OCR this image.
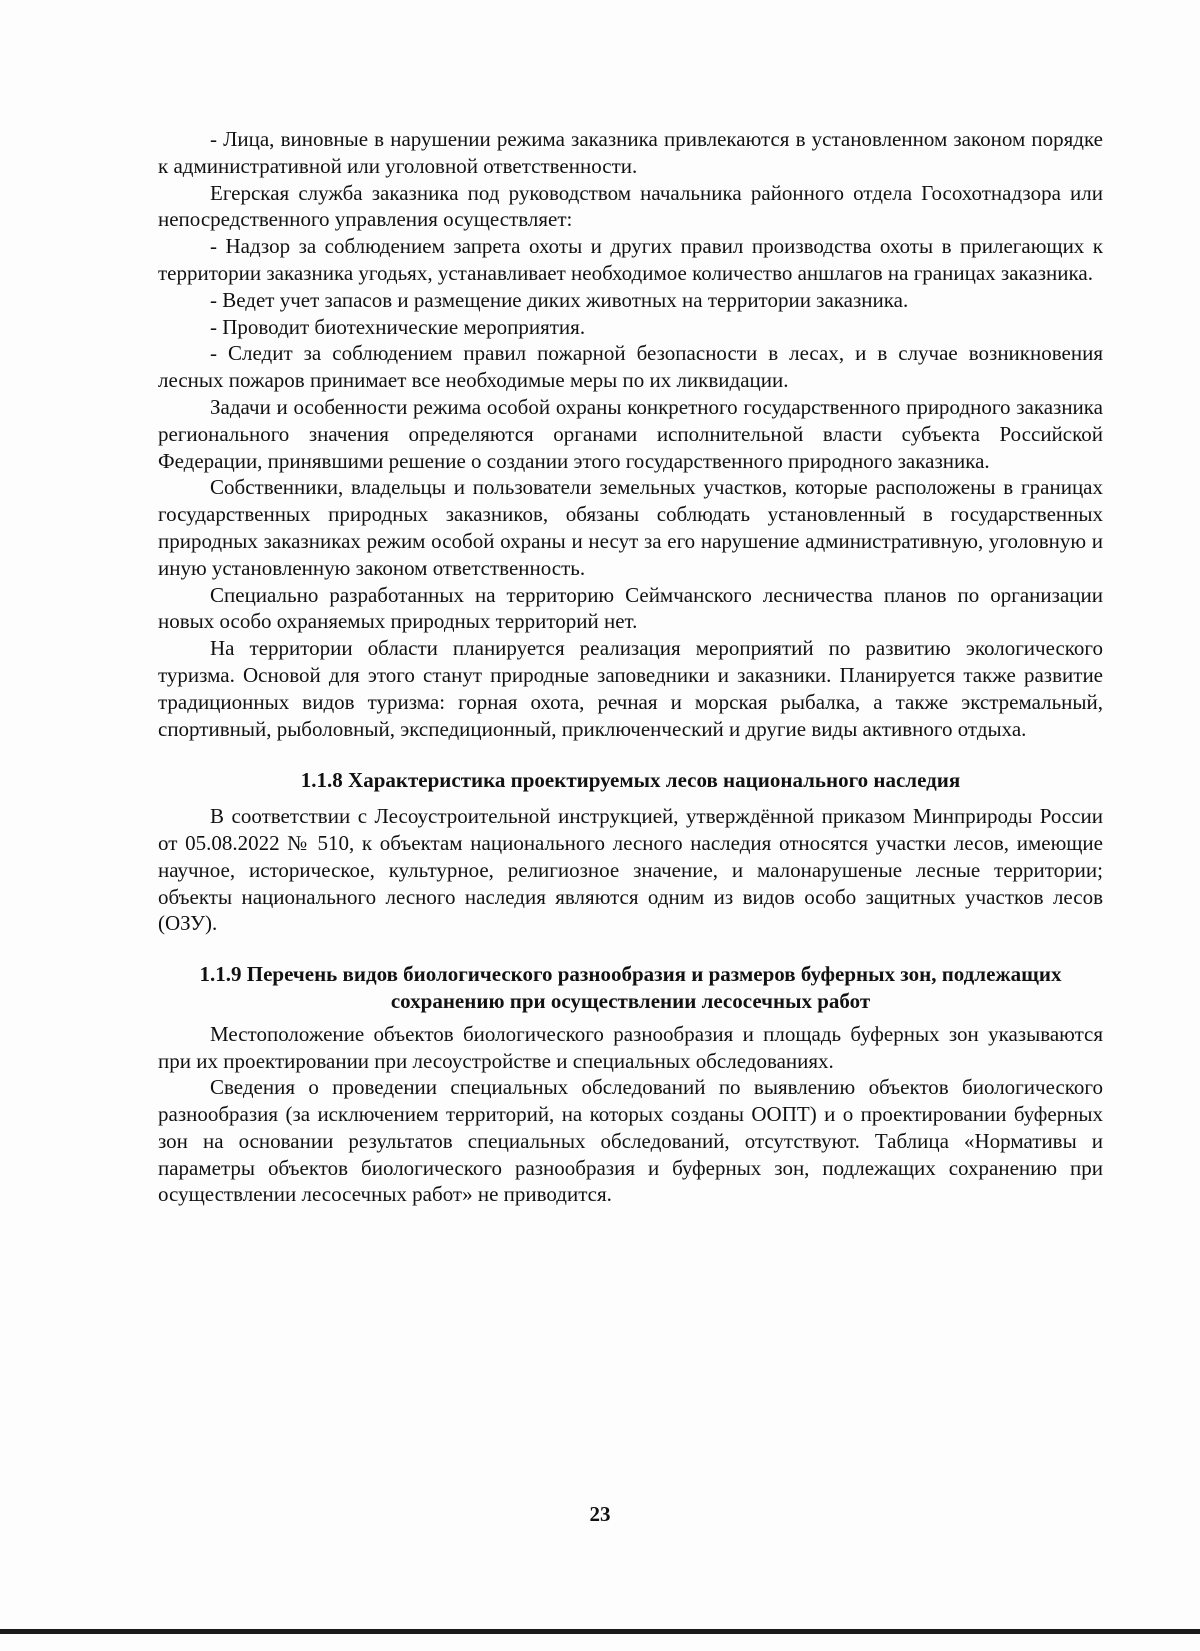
- Лица, виновные в нарушении режима заказника привлекаются в установленном законом порядке к административной или уголовной ответственности.

Егерская служба заказника под руководством начальника районного отдела Госохотнадзора или непосредственного управления осуществляет:

- Надзор за соблюдением запрета охоты и других правил производства охоты в прилегающих к территории заказника угодьях, устанавливает необходимое количество аншлагов на границах заказника.

- Ведет учет запасов и размещение диких животных на территории заказника.

- Проводит биотехнические мероприятия.

- Следит за соблюдением правил пожарной безопасности в лесах, и в случае возникновения лесных пожаров принимает все необходимые меры по их ликвидации.

Задачи и особенности режима особой охраны конкретного государственного природного заказника регионального значения определяются органами исполнительной власти субъекта Российской Федерации, принявшими решение о создании этого государственного природного заказника.

Собственники, владельцы и пользователи земельных участков, которые расположены в границах государственных природных заказников, обязаны соблюдать установленный в государственных природных заказниках режим особой охраны и несут за его нарушение административную, уголовную и иную установленную законом ответственность.

Специально разработанных на территорию Сеймчанского лесничества планов по организации новых особо охраняемых природных территорий нет.

На территории области планируется реализация мероприятий по развитию экологического туризма. Основой для этого станут природные заповедники и заказники. Планируется также развитие традиционных видов туризма: горная охота, речная и морская рыбалка, а также экстремальный, спортивный, рыболовный, экспедиционный, приключенческий и другие виды активного отдыха.

1.1.8 Характеристика проектируемых лесов национального наследия

В соответствии с Лесоустроительной инструкцией, утверждённой приказом Минприроды России от 05.08.2022 № 510, к объектам национального лесного наследия относятся участки лесов, имеющие научное, историческое, культурное, религиозное значение, и малонарушеные лесные территории; объекты национального лесного наследия являются одним из видов особо защитных участков лесов (ОЗУ).

1.1.9 Перечень видов биологического разнообразия и размеров буферных зон, подлежащих сохранению при осуществлении лесосечных работ

Местоположение объектов биологического разнообразия и площадь буферных зон указываются при их проектировании при лесоустройстве и специальных обследованиях.

Сведения о проведении специальных обследований по выявлению объектов биологического разнообразия (за исключением территорий, на которых созданы ООПТ) и о проектировании буферных зон на основании результатов специальных обследований, отсутствуют. Таблица «Нормативы и параметры объектов биологического разнообразия и буферных зон, подлежащих сохранению при осуществлении лесосечных работ» не приводится.

23
